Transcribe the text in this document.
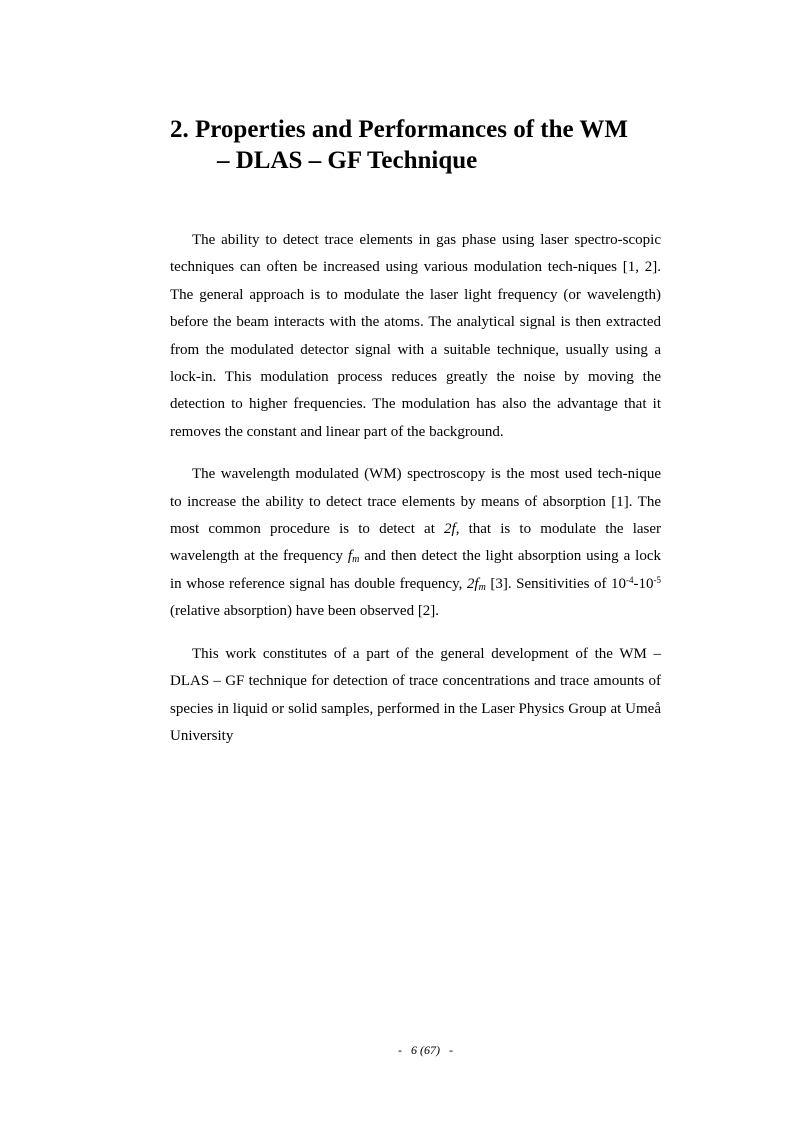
2. Properties and Performances of the WM
– DLAS – GF Technique

The ability to detect trace elements in gas phase using laser spectro-scopic techniques can often be increased using various modulation tech-niques [1, 2]. The general approach is to modulate the laser light frequency (or wavelength) before the beam interacts with the atoms. The analytical signal is then extracted from the modulated detector signal with a suitable technique, usually using a lock-in. This modulation process reduces greatly the noise by moving the detection to higher frequencies. The modulation has also the advantage that it removes the constant and linear part of the background.

The wavelength modulated (WM) spectroscopy is the most used tech-nique to increase the ability to detect trace elements by means of absorption [1]. The most common procedure is to detect at 2f, that is to modulate the laser wavelength at the frequency $f_m$ and then detect the light absorption using a lock in whose reference signal has double frequency, $2f_m$ [3]. Sensitivities of $10^{-4}-10^{-5}$ (relative absorption) have been observed [2].

This work constitutes of a part of the general development of the WM – DLAS – GF technique for detection of trace concentrations and trace amounts of species in liquid or solid samples, performed in the Laser Physics Group at Umeå University

-   6 (67)   -
